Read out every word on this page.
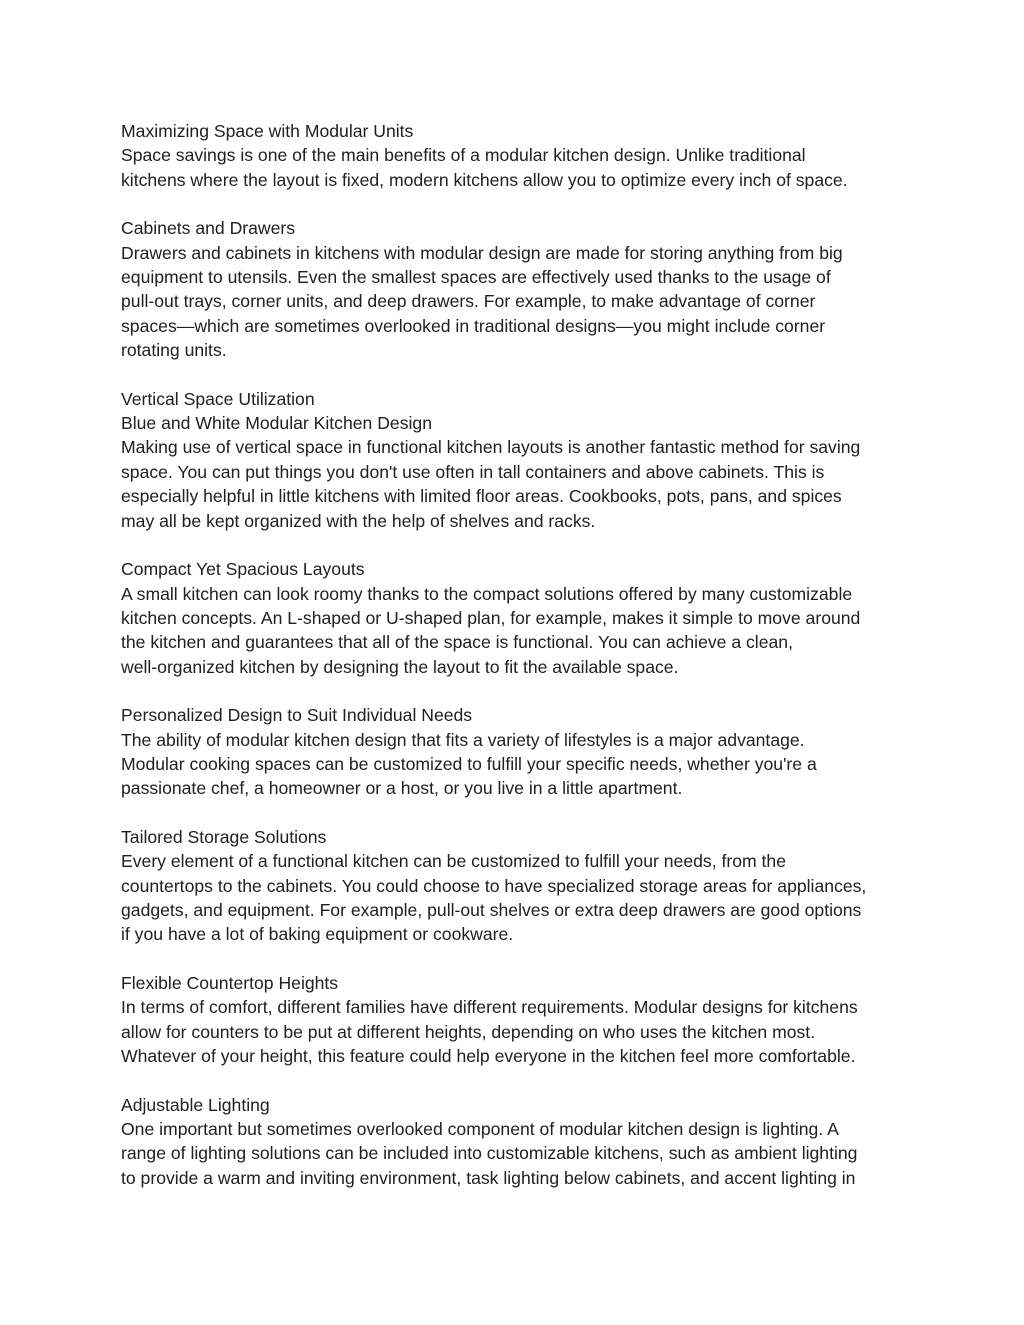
Maximizing Space with Modular Units
Space savings is one of the main benefits of a modular kitchen design. Unlike traditional
kitchens where the layout is fixed, modern kitchens allow you to optimize every inch of space.
Cabinets and Drawers
Drawers and cabinets in kitchens with modular design are made for storing anything from big
equipment to utensils. Even the smallest spaces are effectively used thanks to the usage of
pull-out trays, corner units, and deep drawers. For example, to make advantage of corner
spaces—which are sometimes overlooked in traditional designs—you might include corner
rotating units.
Vertical Space Utilization
Blue and White Modular Kitchen Design
Making use of vertical space in functional kitchen layouts is another fantastic method for saving
space. You can put things you don't use often in tall containers and above cabinets. This is
especially helpful in little kitchens with limited floor areas. Cookbooks, pots, pans, and spices
may all be kept organized with the help of shelves and racks.
Compact Yet Spacious Layouts
A small kitchen can look roomy thanks to the compact solutions offered by many customizable
kitchen concepts. An L-shaped or U-shaped plan, for example, makes it simple to move around
the kitchen and guarantees that all of the space is functional. You can achieve a clean,
well-organized kitchen by designing the layout to fit the available space.
Personalized Design to Suit Individual Needs
The ability of modular kitchen design that fits a variety of lifestyles is a major advantage.
Modular cooking spaces can be customized to fulfill your specific needs, whether you're a
passionate chef, a homeowner or a host, or you live in a little apartment.
Tailored Storage Solutions
Every element of a functional kitchen can be customized to fulfill your needs, from the
countertops to the cabinets. You could choose to have specialized storage areas for appliances,
gadgets, and equipment. For example, pull-out shelves or extra deep drawers are good options
if you have a lot of baking equipment or cookware.
Flexible Countertop Heights
In terms of comfort, different families have different requirements. Modular designs for kitchens
allow for counters to be put at different heights, depending on who uses the kitchen most.
Whatever of your height, this feature could help everyone in the kitchen feel more comfortable.
Adjustable Lighting
One important but sometimes overlooked component of modular kitchen design is lighting. A
range of lighting solutions can be included into customizable kitchens, such as ambient lighting
to provide a warm and inviting environment, task lighting below cabinets, and accent lighting in
